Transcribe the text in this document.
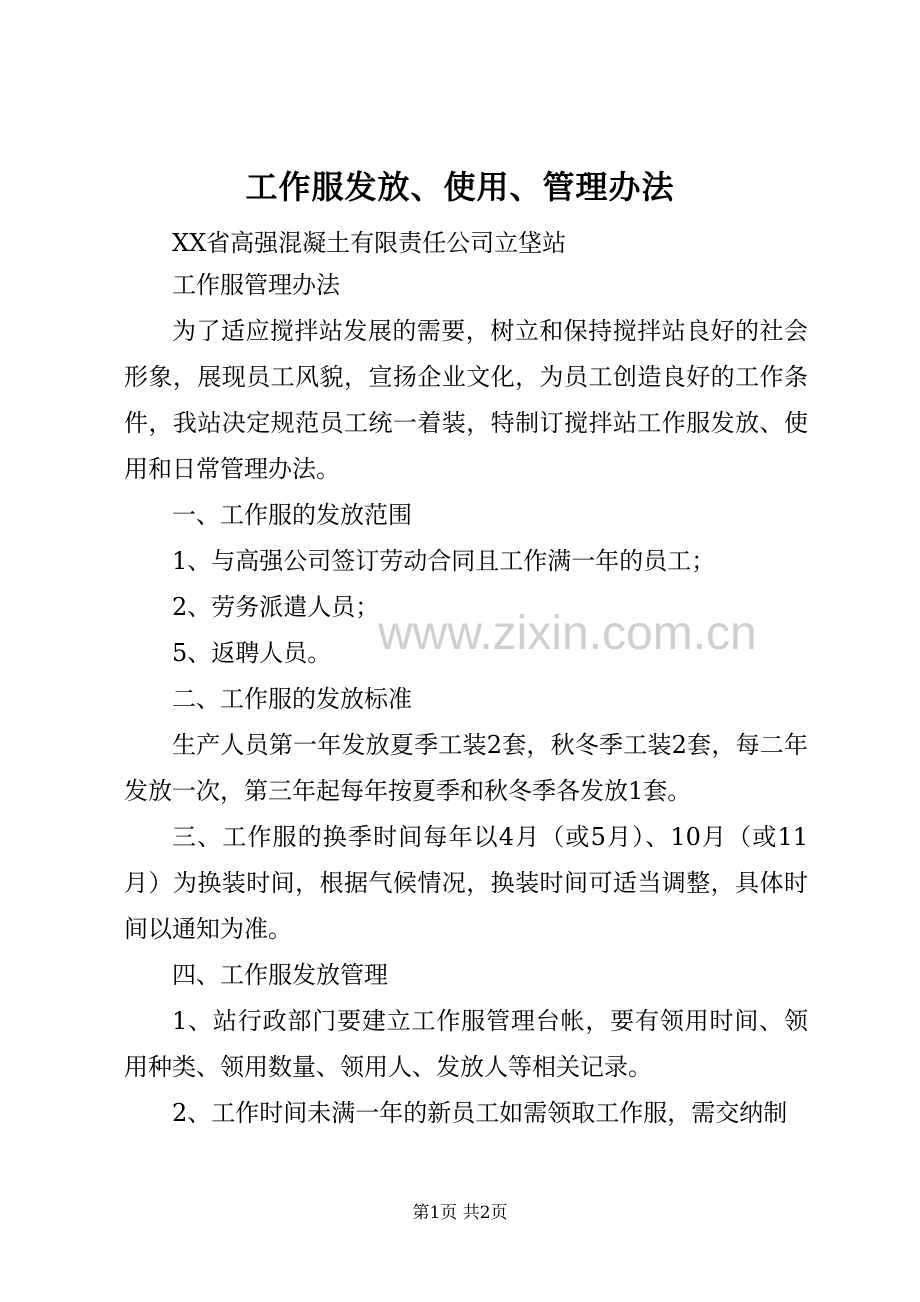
工作服发放、使用、管理办法

XX省高强混凝土有限责任公司立垡站

工作服管理办法

为了适应搅拌站发展的需要，树立和保持搅拌站良好的社会形象，展现员工风貌，宣扬企业文化，为员工创造良好的工作条件，我站决定规范员工统一着装，特制订搅拌站工作服发放、使用和日常管理办法。

一、工作服的发放范围

1、与高强公司签订劳动合同且工作满一年的员工；

2、劳务派遣人员；

5、返聘人员。

二、工作服的发放标准

生产人员第一年发放夏季工装2套，秋冬季工装2套，每二年发放一次，第三年起每年按夏季和秋冬季各发放1套。

三、工作服的换季时间每年以4月（或5月）、10月（或11月）为换装时间，根据气候情况，换装时间可适当调整，具体时间以通知为准。

四、工作服发放管理

1、站行政部门要建立工作服管理台帐，要有领用时间、领用种类、领用数量、领用人、发放人等相关记录。

2、工作时间未满一年的新员工如需领取工作服，需交纳制

www.zixin.com.cn
第1页 共2页
